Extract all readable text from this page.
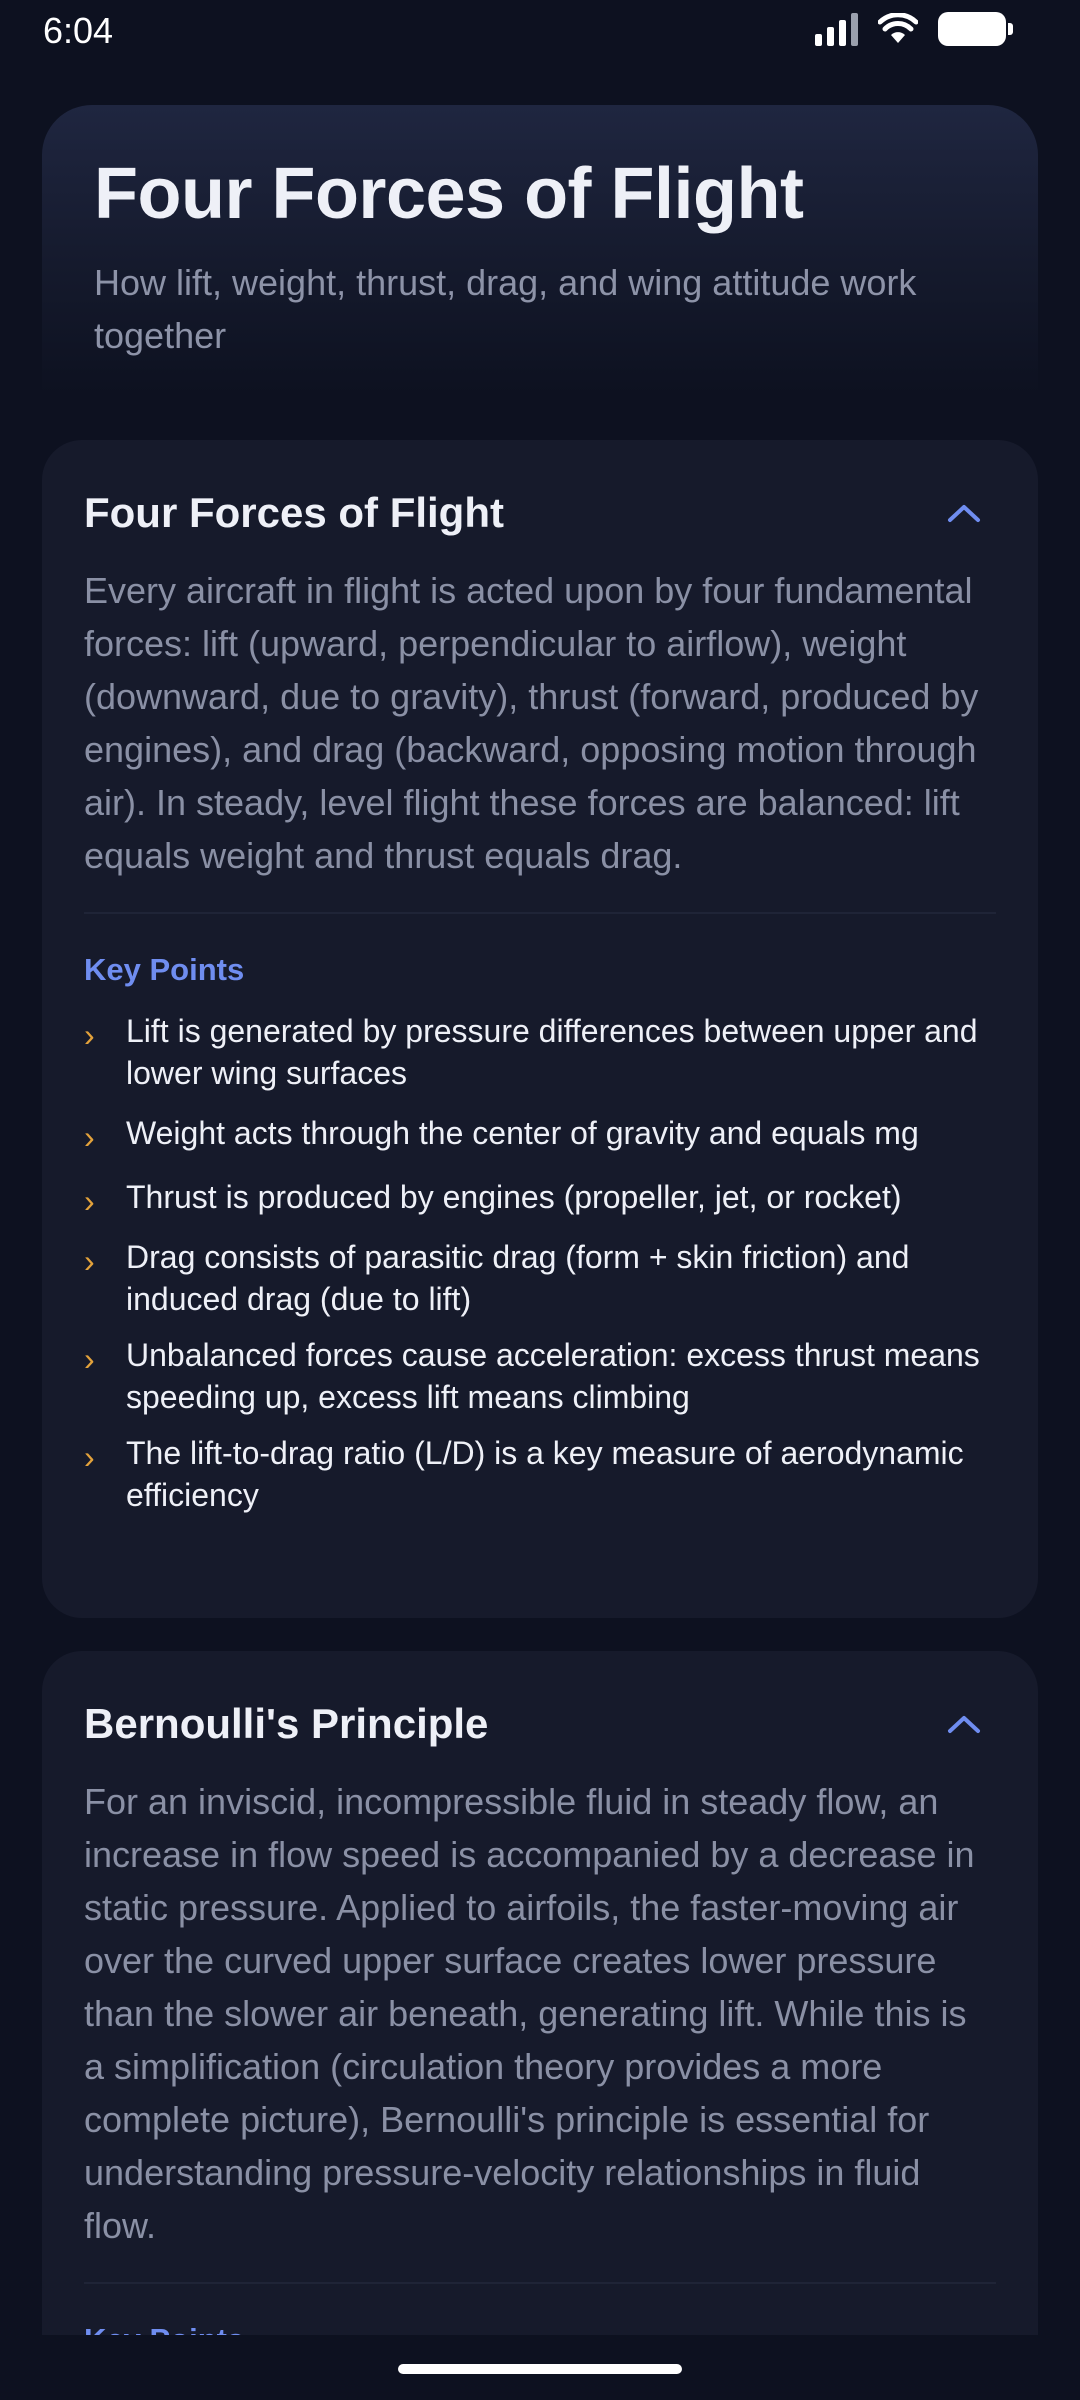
6:04
Four Forces of Flight

How lift, weight, thrust, drag, and wing attitude work together

Four Forces of Flight

Every aircraft in flight is acted upon by four fundamental forces: lift (upward, perpendicular to airflow), weight (downward, due to gravity), thrust (forward, produced by engines), and drag (backward, opposing motion through air). In steady, level flight these forces are balanced: lift equals weight and thrust equals drag.

Key Points
› Lift is generated by pressure differences between upper and lower wing surfaces
› Weight acts through the center of gravity and equals mg
› Thrust is produced by engines (propeller, jet, or rocket)
› Drag consists of parasitic drag (form + skin friction) and induced drag (due to lift)
› Unbalanced forces cause acceleration: excess thrust means speeding up, excess lift means climbing
› The lift-to-drag ratio (L/D) is a key measure of aerodynamic efficiency
Bernoulli's Principle

For an inviscid, incompressible fluid in steady flow, an increase in flow speed is accompanied by a decrease in static pressure. Applied to airfoils, the faster-moving air over the curved upper surface creates lower pressure than the slower air beneath, generating lift. While this is a simplification (circulation theory provides a more complete picture), Bernoulli's principle is essential for understanding pressure-velocity relationships in fluid flow.
